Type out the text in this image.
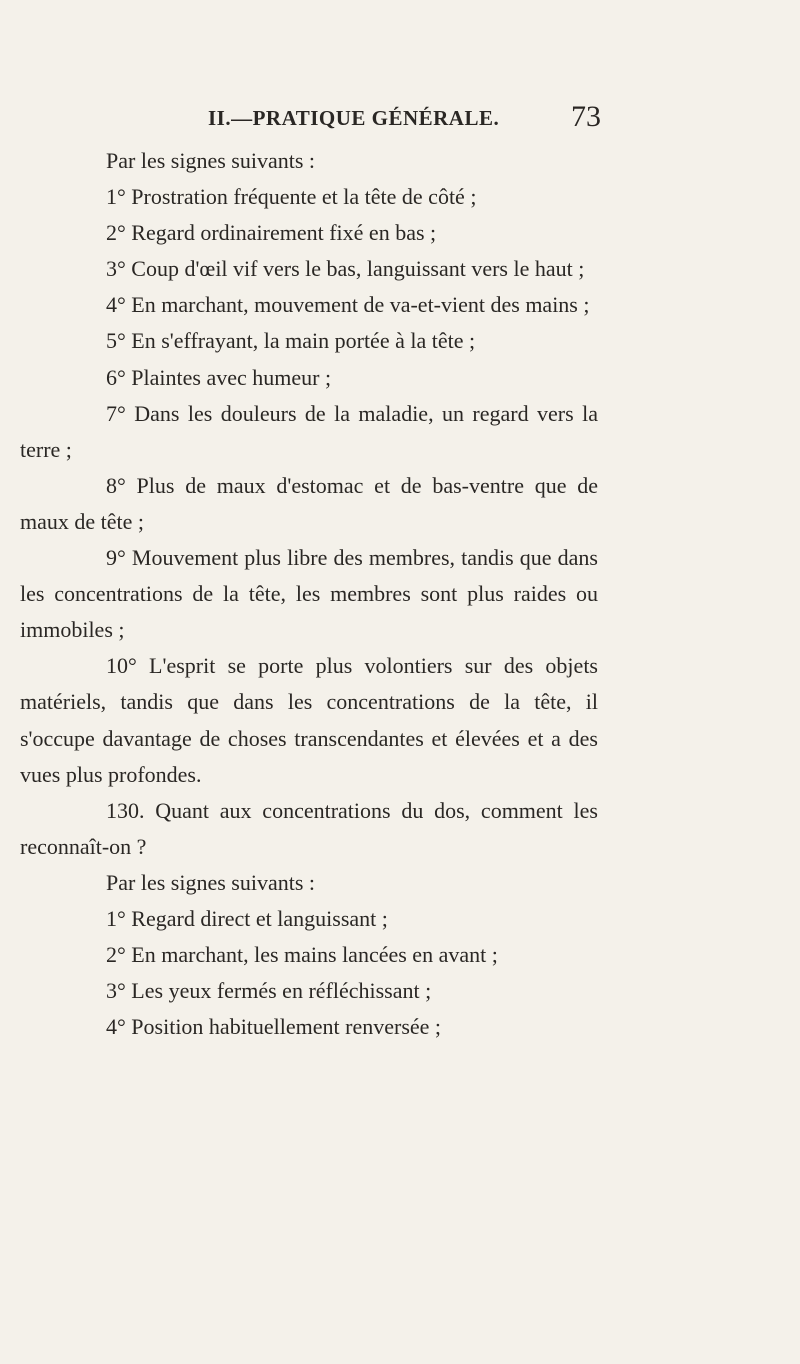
II.—PRATIQUE GÉNÉRALE. 73

Par les signes suivants :

1° Prostration fréquente et la tête de côté ;

2° Regard ordinairement fixé en bas ;

3° Coup d'œil vif vers le bas, languissant vers le haut ;

4° En marchant, mouvement de va-et-vient des mains ;

5° En s'effrayant, la main portée à la tête ;

6° Plaintes avec humeur ;

7° Dans les douleurs de la maladie, un regard vers la terre ;

8° Plus de maux d'estomac et de bas-ventre que de maux de tête ;

9° Mouvement plus libre des membres, tandis que dans les concentrations de la tête, les membres sont plus raides ou immobiles ;

10° L'esprit se porte plus volontiers sur des objets matériels, tandis que dans les concentrations de la tête, il s'occupe davantage de choses transcendantes et élevées et a des vues plus profondes.

130. Quant aux concentrations du dos, comment les reconnaît-on ?

Par les signes suivants :

1° Regard direct et languissant ;

2° En marchant, les mains lancées en avant ;

3° Les yeux fermés en réfléchissant ;

4° Position habituellement renversée ;
